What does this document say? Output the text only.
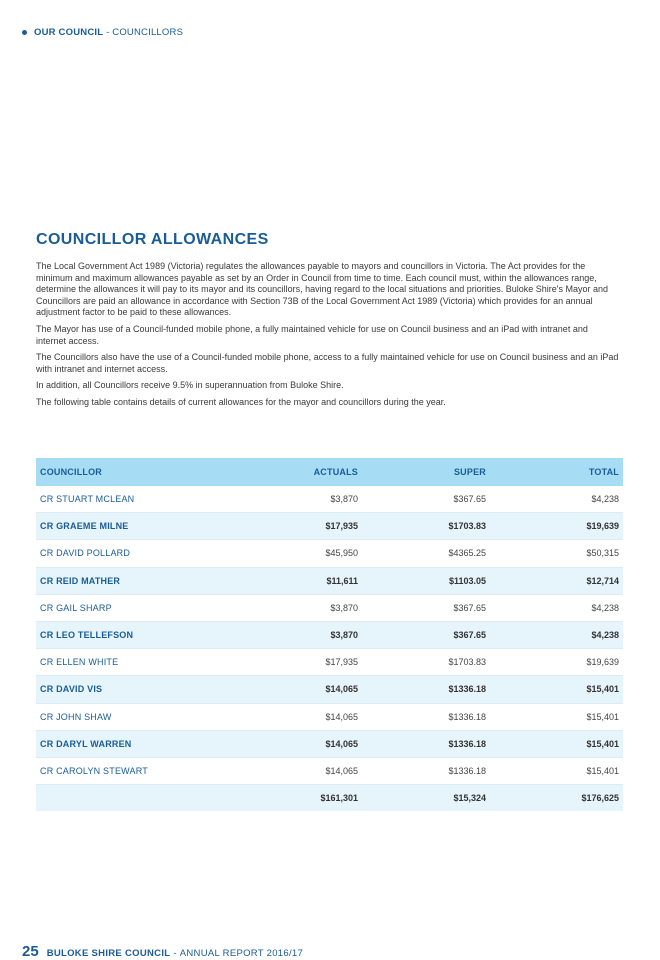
OUR COUNCIL - COUNCILLORS
COUNCILLOR ALLOWANCES

The Local Government Act 1989 (Victoria) regulates the allowances payable to mayors and councillors in Victoria. The Act provides for the minimum and maximum allowances payable as set by an Order in Council from time to time. Each council must, within the allowances range, determine the allowances it will pay to its mayor and its councillors, having regard to the local situations and priorities. Buloke Shire's Mayor and Councillors are paid an allowance in accordance with Section 73B of the Local Government Act 1989 (Victoria) which provides for an annual adjustment factor to be paid to these allowances.

The Mayor has use of a Council-funded mobile phone, a fully maintained vehicle for use on Council business and an iPad with intranet and internet access.

The Councillors also have the use of a Council-funded mobile phone, access to a fully maintained vehicle for use on Council business and an iPad with intranet and internet access.

In addition, all Councillors receive 9.5% in superannuation from Buloke Shire.

The following table contains details of current allowances for the mayor and councillors during the year.

COUNCILLOR	ACTUALS	SUPER	TOTAL
CR STUART MCLEAN	$3,870	$367.65	$4,238
CR GRAEME MILNE	$17,935	$1703.83	$19,639
CR DAVID POLLARD	$45,950	$4365.25	$50,315
CR REID MATHER	$11,611	$1103.05	$12,714
CR GAIL SHARP	$3,870	$367.65	$4,238
CR LEO TELLEFSON	$3,870	$367.65	$4,238
CR ELLEN WHITE	$17,935	$1703.83	$19,639
CR DAVID VIS	$14,065	$1336.18	$15,401
CR JOHN SHAW	$14,065	$1336.18	$15,401
CR DARYL WARREN	$14,065	$1336.18	$15,401
CR CAROLYN STEWART	$14,065	$1336.18	$15,401
	$161,301	$15,324	$176,625
25 BULOKE SHIRE COUNCIL - ANNUAL REPORT 2016/17
